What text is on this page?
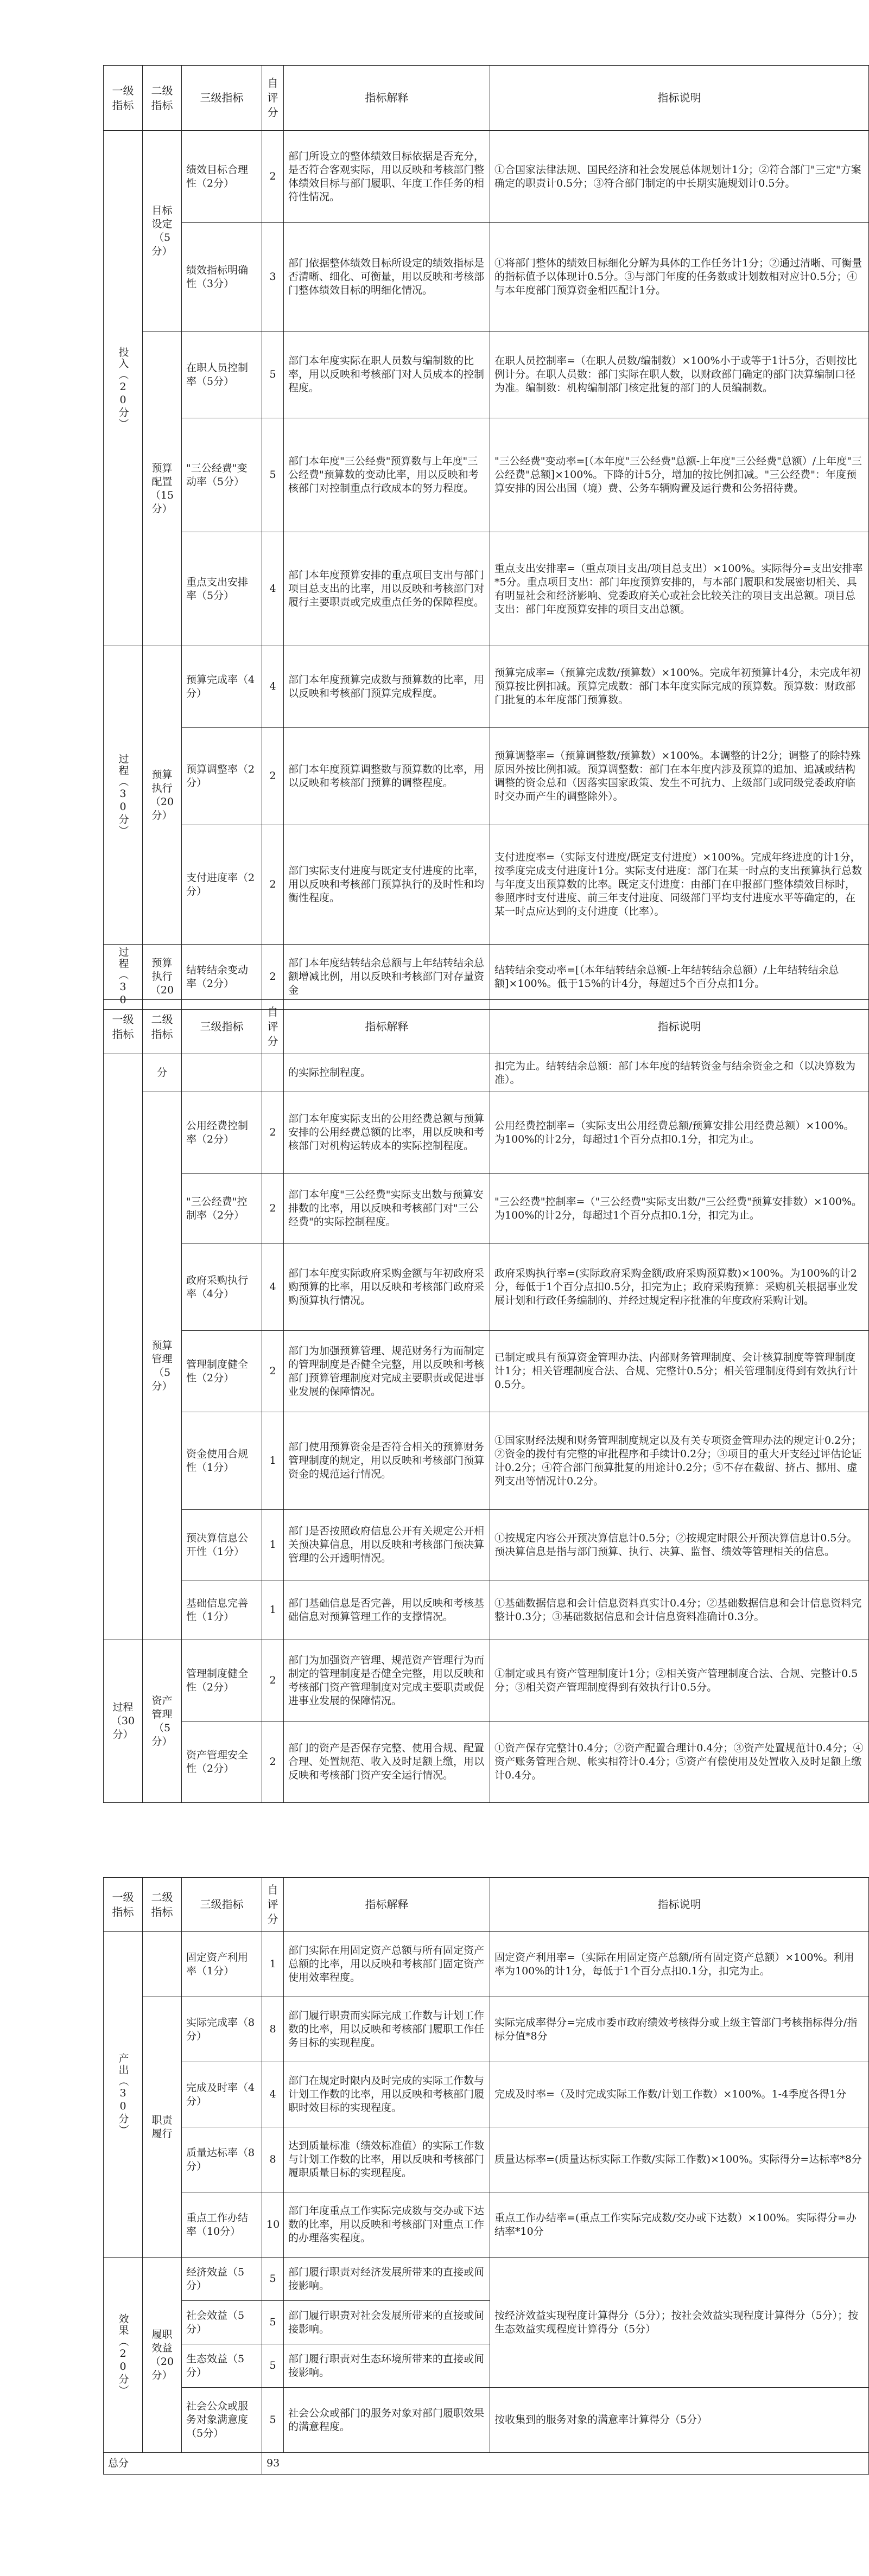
一级指标	二级指标	三级指标	自评分	指标解释	指标说明

投入（20分）	目标设定（5分）	绩效目标合理性（2分）	2	部门所设立的整体绩效目标依据是否充分，是否符合客观实际，用以反映和考核部门整体绩效目标与部门履职、年度工作任务的相符性情况。	①合国家法律法规、国民经济和社会发展总体规划计1分；②符合部门"三定"方案确定的职责计0.5分；③符合部门制定的中长期实施规划计0.5分。
		绩效指标明确性（3分）	3	部门依据整体绩效目标所设定的绩效指标是否清晰、细化、可衡量，用以反映和考核部门整体绩效目标的明细化情况。	①将部门整体的绩效目标细化分解为具体的工作任务计1分；②通过清晰、可衡量的指标值予以体现计0.5分。③与部门年度的任务数或计划数相对应计0.5分；④与本年度部门预算资金相匹配计1分。
	预算配置（15分）	在职人员控制率（5分）	5	部门本年度实际在职人员数与编制数的比率，用以反映和考核部门对人员成本的控制程度。	在职人员控制率=（在职人员数/编制数）×100%小于或等于1计5分，否则按比例计分。在职人员数：部门实际在职人数，以财政部门确定的部门决算编制口径为准。编制数：机构编制部门核定批复的部门的人员编制数。
		"三公经费"变动率（5分）	5	部门本年度"三公经费"预算数与上年度"三公经费"预算数的变动比率，用以反映和考核部门对控制重点行政成本的努力程度。	"三公经费"变动率=[（本年度"三公经费"总额-上年度"三公经费"总额）/上年度"三公经费"总额]×100%。下降的计5分，增加的按比例扣减。"三公经费"：年度预算安排的因公出国（境）费、公务车辆购置及运行费和公务招待费。
		重点支出安排率（5分）	4	部门本年度预算安排的重点项目支出与部门项目总支出的比率，用以反映和考核部门对履行主要职责或完成重点任务的保障程度。	重点支出安排率=（重点项目支出/项目总支出）×100%。实际得分=支出安排率*5分。重点项目支出：部门年度预算安排的，与本部门履职和发展密切相关、具有明显社会和经济影响、党委政府关心或社会比较关注的项目支出总额。项目总支出：部门年度预算安排的项目支出总额。

过程（30分）	预算执行（20分）	预算完成率（4分）	4	部门本年度预算完成数与预算数的比率，用以反映和考核部门预算完成程度。	预算完成率=（预算完成数/预算数）×100%。完成年初预算计4分，未完成年初预算按比例扣减。预算完成数：部门本年度实际完成的预算数。预算数：财政部门批复的本年度部门预算数。
		预算调整率（2分）	2	部门本年度预算调整数与预算数的比率，用以反映和考核部门预算的调整程度。	预算调整率=（预算调整数/预算数）×100%。本调整的计2分；调整了的除特殊原因外按比例扣减。预算调整数：部门在本年度内涉及预算的追加、追减或结构调整的资金总和（因落实国家政策、发生不可抗力、上级部门或同级党委政府临时交办而产生的调整除外）。
		支付进度率（2分）	2	部门实际支付进度与既定支付进度的比率，用以反映和考核部门预算执行的及时性和均衡性程度。	支付进度率=（实际支付进度/既定支付进度）×100%。完成年终进度的计1分，按季度完成支付进度计1分。实际支付进度：部门在某一时点的支出预算执行总数与年度支出预算数的比率。既定支付进度：由部门在申报部门整体绩效目标时，参照序时支付进度、前三年支付进度、同级部门平均支付进度水平等确定的，在某一时点应达到的支付进度（比率）。

过程（30	预算执行（20	结转结余变动率（2分）	2	部门本年度结转结余总额与上年结转结余总额增减比例，用以反映和考核部门对存量资金	结转结余变动率=[（本年结转结余总额-上年结转结余总额）/上年结转结余总额]×100%。低于15%的计4分，每超过5个百分点扣1分。
一级指标	二级指标	三级指标	自评分	指标解释	指标说明
	分			的实际控制程度。	扣完为止。结转结余总额：部门本年度的结转资金与结余资金之和（以决算数为准）。
	预算管理（5分）	公用经费控制率（2分）	2	部门本年度实际支出的公用经费总额与预算安排的公用经费总额的比率，用以反映和考核部门对机构运转成本的实际控制程度。	公用经费控制率=（实际支出公用经费总额/预算安排公用经费总额）×100%。为100%的计2分，每超过1个百分点扣0.1分，扣完为止。
		"三公经费"控制率（2分）	2	部门本年度"三公经费"实际支出数与预算安排数的比率，用以反映和考核部门对"三公经费"的实际控制程度。	"三公经费"控制率=（"三公经费"实际支出数/"三公经费"预算安排数）×100%。为100%的计2分，每超过1个百分点扣0.1分，扣完为止。
		政府采购执行率（4分）	4	部门本年度实际政府采购金额与年初政府采购预算的比率，用以反映和考核部门政府采购预算执行情况。	政府采购执行率=(实际政府采购金额/政府采购预算数)×100%。为100%的计2分，每低于1个百分点扣0.5分，扣完为止；政府采购预算：采购机关根据事业发展计划和行政任务编制的、并经过规定程序批准的年度政府采购计划。
		管理制度健全性（2分）	2	部门为加强预算管理、规范财务行为而制定的管理制度是否健全完整，用以反映和考核部门预算管理制度对完成主要职责或促进事业发展的保障情况。	已制定或具有预算资金管理办法、内部财务管理制度、会计核算制度等管理制度计1分；相关管理制度合法、合规、完整计0.5分；相关管理制度得到有效执行计0.5分。
		资金使用合规性（1分）	1	部门使用预算资金是否符合相关的预算财务管理制度的规定，用以反映和考核部门预算资金的规范运行情况。	①国家财经法规和财务管理制度规定以及有关专项资金管理办法的规定计0.2分；②资金的拨付有完整的审批程序和手续计0.2分；③项目的重大开支经过评估论证计0.2分；④符合部门预算批复的用途计0.2分；⑤不存在截留、挤占、挪用、虚列支出等情况计0.2分。
		预决算信息公开性（1分）	1	部门是否按照政府信息公开有关规定公开相关预决算信息，用以反映和考核部门预决算管理的公开透明情况。	①按规定内容公开预决算信息计0.5分；②按规定时限公开预决算信息计0.5分。预决算信息是指与部门预算、执行、决算、监督、绩效等管理相关的信息。
		基础信息完善性（1分）	1	部门基础信息是否完善，用以反映和考核基础信息对预算管理工作的支撑情况。	①基础数据信息和会计信息资料真实计0.4分；②基础数据信息和会计信息资料完整计0.3分；③基础数据信息和会计信息资料准确计0.3分。
过程（30分）	资产管理（5分）	管理制度健全性（2分）	2	部门为加强资产管理、规范资产管理行为而制定的管理制度是否健全完整，用以反映和考核部门资产管理制度对完成主要职责或促进事业发展的保障情况。	①制定或具有资产管理制度计1分；②相关资产管理制度合法、合规、完整计0.5分；③相关资产管理制度得到有效执行计0.5分。
		资产管理安全性（2分）	2	部门的资产是否保存完整、使用合规、配置合理、处置规范、收入及时足额上缴，用以反映和考核部门资产安全运行情况。	①资产保存完整计0.4分；②资产配置合理计0.4分；③资产处置规范计0.4分；④资产账务管理合规、帐实相符计0.4分；⑤资产有偿使用及处置收入及时足额上缴计0.4分。
一级指标	二级指标	三级指标	自评分	指标解释	指标说明

产出（30分）		固定资产利用率（1分）	1	部门实际在用固定资产总额与所有固定资产总额的比率，用以反映和考核部门固定资产使用效率程度。	固定资产利用率=（实际在用固定资产总额/所有固定资产总额）×100%。利用率为100%的计1分，每低于1个百分点扣0.1分，扣完为止。
	职责履行	实际完成率（8分）	8	部门履行职责而实际完成工作数与计划工作数的比率，用以反映和考核部门履职工作任务目标的实现程度。	实际完成率得分=完成市委市政府绩效考核得分或上级主管部门考核指标得分/指标分值*8分
		完成及时率（4分）	4	部门在规定时限内及时完成的实际工作数与计划工作数的比率，用以反映和考核部门履职时效目标的实现程度。	完成及时率=（及时完成实际工作数/计划工作数）×100%。1-4季度各得1分
		质量达标率（8分）	8	达到质量标准（绩效标准值）的实际工作数与计划工作数的比率，用以反映和考核部门履职质量目标的实现程度。	质量达标率=(质量达标实际工作数/实际工作数)×100%。实际得分=达标率*8分
		重点工作办结率（10分）	10	部门年度重点工作实际完成数与交办或下达数的比率，用以反映和考核部门对重点工作的办理落实程度。	重点工作办结率=(重点工作实际完成数/交办或下达数）×100%。实际得分=办结率*10分

效果（20分）	履职效益（20分）	经济效益（5分）	5	部门履行职责对经济发展所带来的直接或间接影响。	按经济效益实现程度计算得分（5分）；按社会效益实现程度计算得分（5分）；按生态效益实现程度计算得分（5分）
		社会效益（5分）	5	部门履行职责对社会发展所带来的直接或间接影响。	
		生态效益（5分）	5	部门履行职责对生态环境所带来的直接或间接影响。	
		社会公众或服务对象满意度（5分）	5	社会公众或部门的服务对象对部门履职效果的满意程度。	按收集到的服务对象的满意率计算得分（5分）
总分			93		
